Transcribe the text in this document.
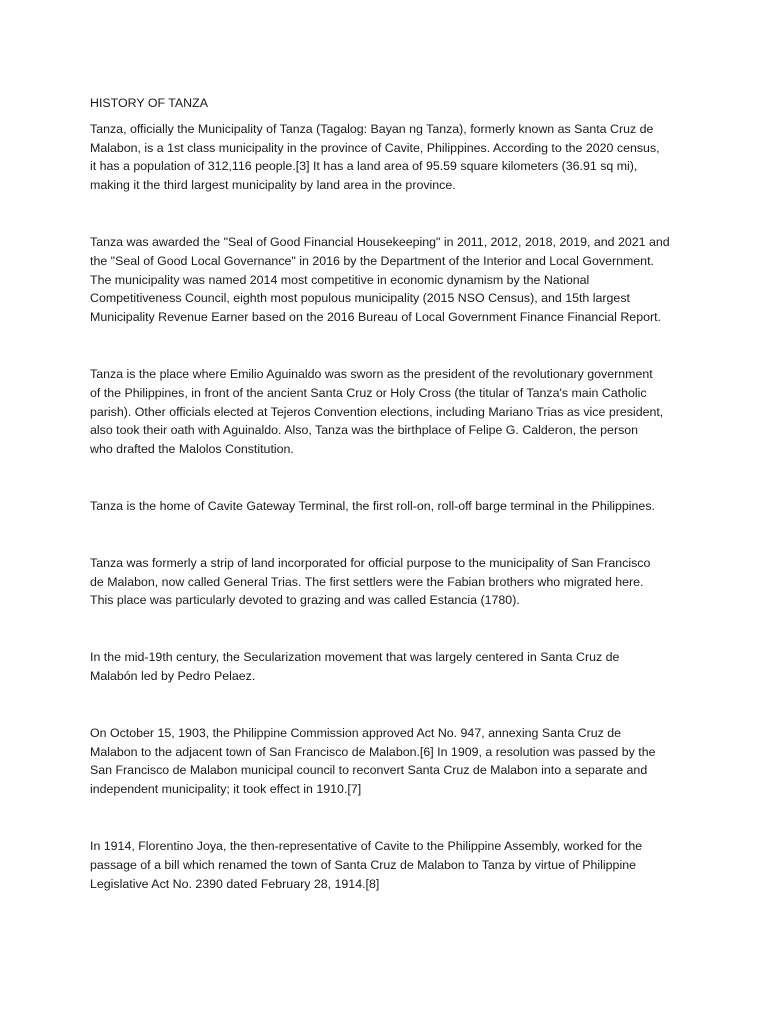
HISTORY OF TANZA

Tanza, officially the Municipality of Tanza (Tagalog: Bayan ng Tanza), formerly known as Santa Cruz de
Malabon, is a 1st class municipality in the province of Cavite, Philippines. According to the 2020 census,
it has a population of 312,116 people.[3] It has a land area of 95.59 square kilometers (36.91 sq mi),
making it the third largest municipality by land area in the province.

Tanza was awarded the "Seal of Good Financial Housekeeping" in 2011, 2012, 2018, 2019, and 2021 and
the "Seal of Good Local Governance" in 2016 by the Department of the Interior and Local Government.
The municipality was named 2014 most competitive in economic dynamism by the National
Competitiveness Council, eighth most populous municipality (2015 NSO Census), and 15th largest
Municipality Revenue Earner based on the 2016 Bureau of Local Government Finance Financial Report.

Tanza is the place where Emilio Aguinaldo was sworn as the president of the revolutionary government
of the Philippines, in front of the ancient Santa Cruz or Holy Cross (the titular of Tanza's main Catholic
parish). Other officials elected at Tejeros Convention elections, including Mariano Trias as vice president,
also took their oath with Aguinaldo. Also, Tanza was the birthplace of Felipe G. Calderon, the person
who drafted the Malolos Constitution.

Tanza is the home of Cavite Gateway Terminal, the first roll-on, roll-off barge terminal in the Philippines.

Tanza was formerly a strip of land incorporated for official purpose to the municipality of San Francisco
de Malabon, now called General Trias. The first settlers were the Fabian brothers who migrated here.
This place was particularly devoted to grazing and was called Estancia (1780).

In the mid-19th century, the Secularization movement that was largely centered in Santa Cruz de
Malabón led by Pedro Pelaez.

On October 15, 1903, the Philippine Commission approved Act No. 947, annexing Santa Cruz de
Malabon to the adjacent town of San Francisco de Malabon.[6] In 1909, a resolution was passed by the
San Francisco de Malabon municipal council to reconvert Santa Cruz de Malabon into a separate and
independent municipality; it took effect in 1910.[7]

In 1914, Florentino Joya, the then-representative of Cavite to the Philippine Assembly, worked for the
passage of a bill which renamed the town of Santa Cruz de Malabon to Tanza by virtue of Philippine
Legislative Act No. 2390 dated February 28, 1914.[8]
